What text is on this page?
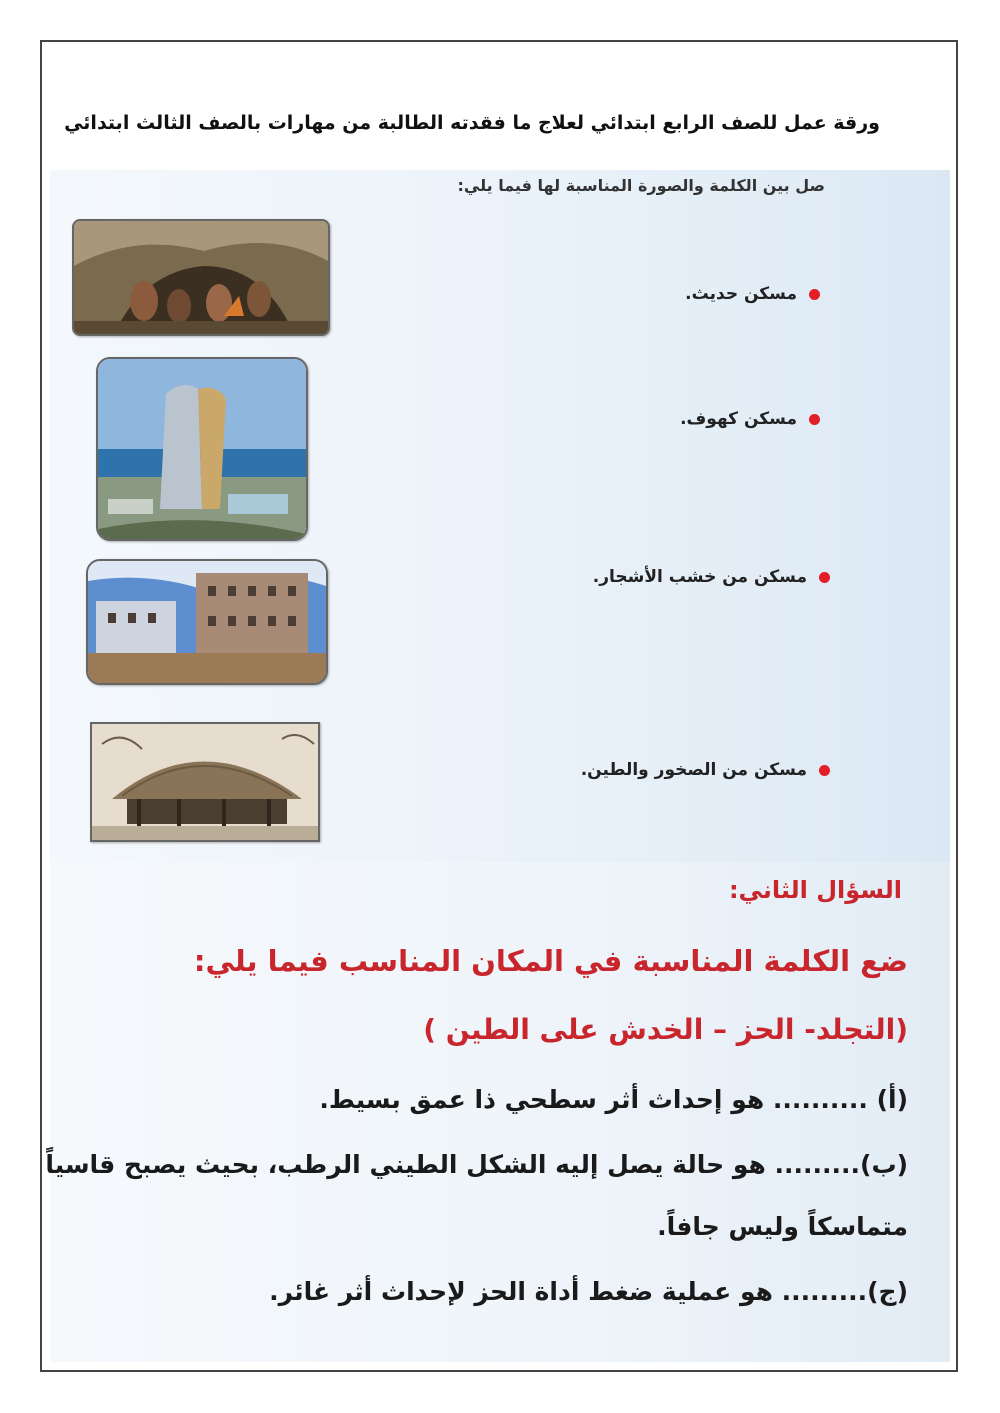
ورقة عمل للصف الرابع ابتدائي لعلاج ما فقدته الطالبة من مهارات بالصف الثالث ابتدائي
صل بين الكلمة والصورة المناسبة لها فيما يلي:
مسكن حديث.
مسكن كهوف.
مسكن من خشب الأشجار.
مسكن من الصخور والطين.
السؤال الثاني:
ضع الكلمة المناسبة في المكان المناسب فيما يلي:
(التجلد- الحز – الخدش على الطين )
(أ) .......... هو إحداث أثر سطحي ذا عمق بسيط.
(ب)......... هو حالة يصل إليه الشكل الطيني الرطب، بحيث يصبح قاسياً
متماسكاً وليس جافاً.
(ج)......... هو عملية ضغط أداة الحز لإحداث أثر غائر.
